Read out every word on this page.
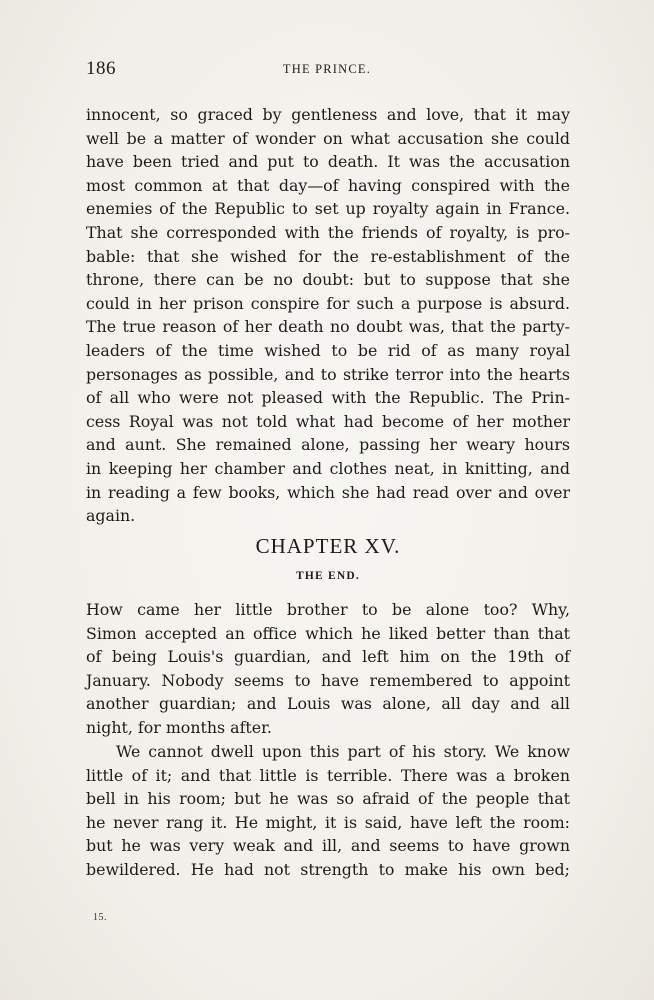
186	THE PRINCE.

innocent, so graced by gentleness and love, that it may
well be a matter of wonder on what accusation she could
have been tried and put to death. It was the accusation
most common at that day—of having conspired with the
enemies of the Republic to set up royalty again in France.
That she corresponded with the friends of royalty, is pro-
bable: that she wished for the re-establishment of the
throne, there can be no doubt: but to suppose that she
could in her prison conspire for such a purpose is absurd.
The true reason of her death no doubt was, that the party-
leaders of the time wished to be rid of as many royal
personages as possible, and to strike terror into the hearts
of all who were not pleased with the Republic. The Prin-
cess Royal was not told what had become of her mother
and aunt. She remained alone, passing her weary hours
in keeping her chamber and clothes neat, in knitting, and
in reading a few books, which she had read over and over
again.

CHAPTER XV.
THE END.

How came her little brother to be alone too? Why,
Simon accepted an office which he liked better than that
of being Louis's guardian, and left him on the 19th of
January. Nobody seems to have remembered to appoint
another guardian; and Louis was alone, all day and all
night, for months after.

We cannot dwell upon this part of his story. We know
little of it; and that little is terrible. There was a broken
bell in his room; but he was so afraid of the people that
he never rang it. He might, it is said, have left the room:
but he was very weak and ill, and seems to have grown
bewildered. He had not strength to make his own bed;

15.
